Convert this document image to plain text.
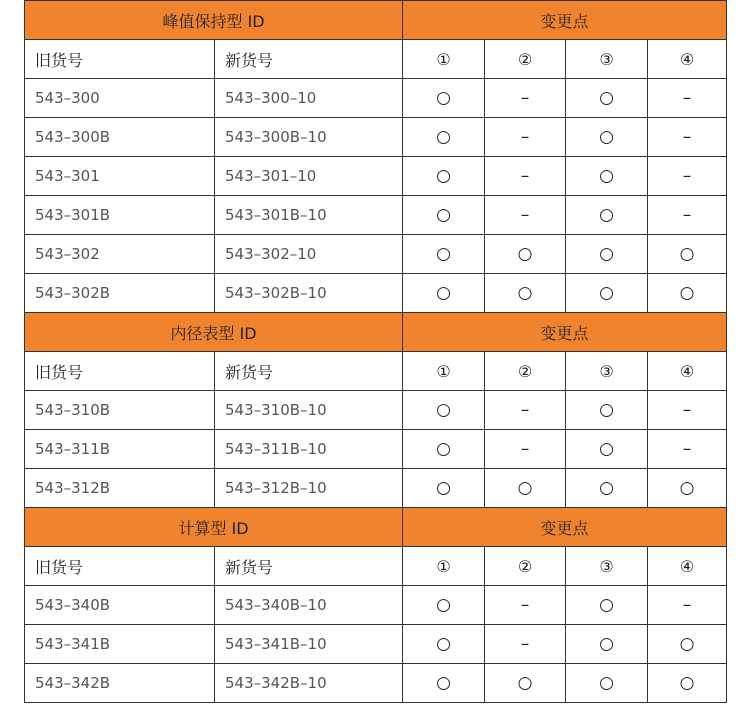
峰值保持型 ID		变更点			
旧货号	新货号	①	②	③	④
543–300	543–300–10	○	–	○	–
543–300B	543–300B–10	○	–	○	–
543–301	543–301–10	○	–	○	–
543–301B	543–301B–10	○	–	○	–
543–302	543–302–10	○	○	○	○
543–302B	543–302B–10	○	○	○	○
内径表型 ID		变更点			
旧货号	新货号	①	②	③	④
543–310B	543–310B–10	○	–	○	–
543–311B	543–311B–10	○	–	○	–
543–312B	543–312B–10	○	○	○	○
计算型 ID		变更点			
旧货号	新货号	①	②	③	④
543–340B	543–340B–10	○	–	○	–
543–341B	543–341B–10	○	–	○	○
543–342B	543–342B–10	○	○	○	○
